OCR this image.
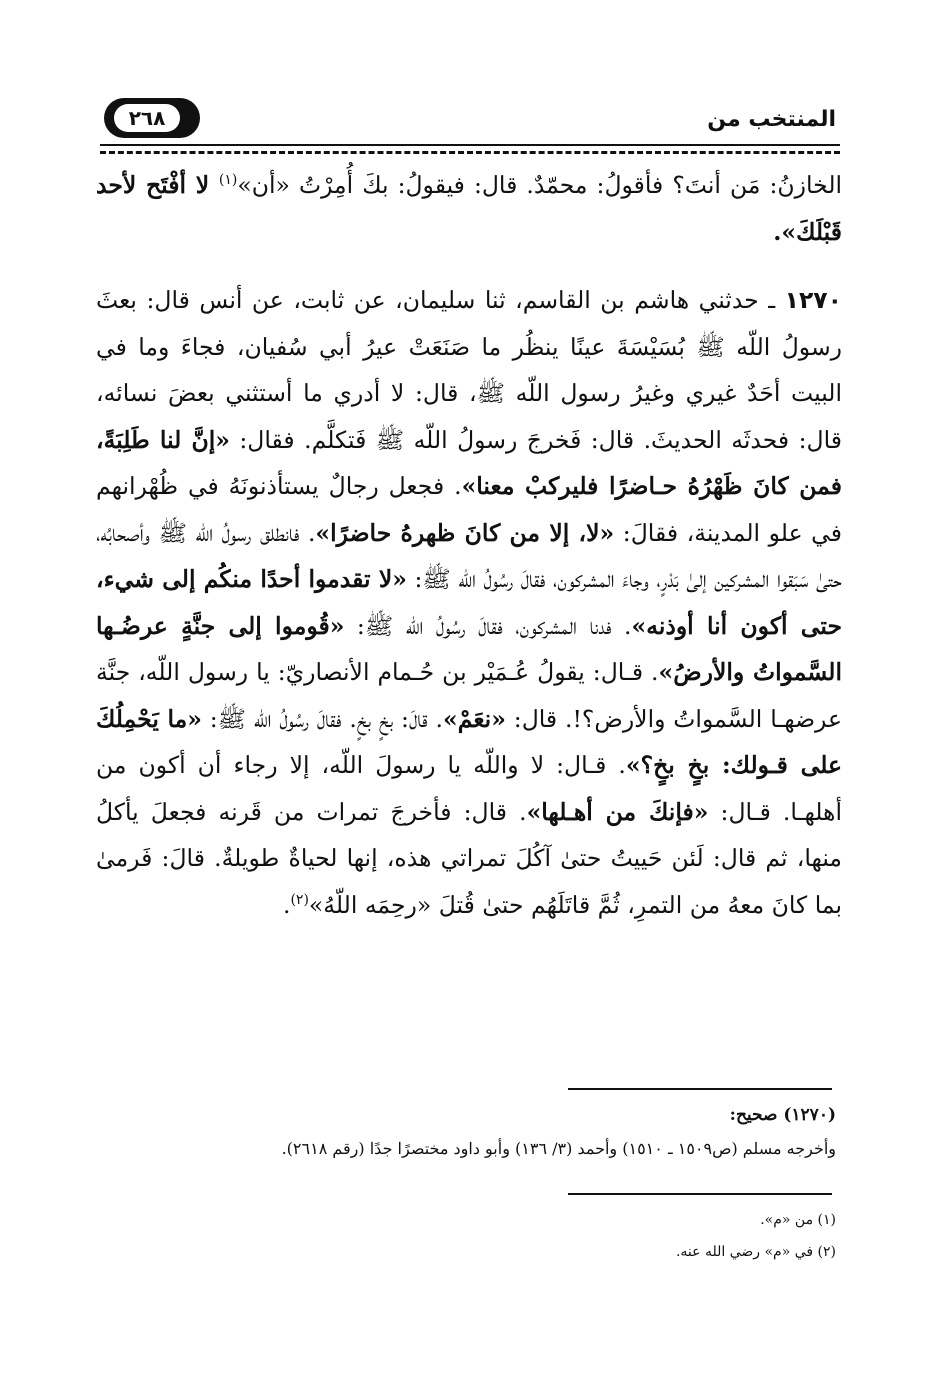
٢٦٨	المنتخب من

الخازنُ: مَن أنتَ؟ فأقولُ: محمّدٌ. قال: فيقولُ: بكَ أُمِرْتُ «أن»$^{(١)}$ لا أفْتَح لأحد قَبْلَكَ».

١٢٧٠ ـ حدثني هاشم بن القاسم، ثنا سليمان، عن ثابت، عن أنس قال: بعثَ رسولُ اللّه ﷺ بُسَيْسَةَ عينًا ينظُر ما صَنَعَتْ عيرُ أبي سُفيان، فجاءَ وما في البيت أحَدٌ غيري وغيرُ رسول اللّه ﷺ، قال: لا أدري ما أستثني بعضَ نسائه، قال: فحدثَه الحديثَ. قال: فَخرجَ رسولُ اللّه ﷺ فَتكلَّم. فقال: «إنَّ لنا طَلِبَةً، فمن كانَ ظَهْرُهُ حـاضرًا فليركبْ معنا». فجعل رجالٌ يستأذنونَهُ في ظُهْرانهم في علو المدينة، فقالَ: «لا، إلا من كانَ ظهرهُ حاضرًا». فانطلق رسولُ اللّه ﷺ وأصحابُه، حتىٰ سَبَقوا المشركين إلىٰ بَدْرٍ، وجاءَ المشركون، فقالَ رسُولُ اللّه ﷺ: «لا تقدموا أحدًا منكُم إلى شيء، حتى أكون أنا أوذنه». فدنا المشركون، فقالَ رسُولُ اللّه ﷺ: «قُوموا إلى جنَّةٍ عرضُـها السَّمواتُ والأرضُ». قـال: يقولُ عُـمَيْر بن حُـمام الأنصاريّ: يا رسول اللّه، جنَّة عرضهـا السَّمواتُ والأرض؟!. قال: «نعَمْ». قالَ: بخٍ بخٍ. فقالَ رسُولُ اللّه ﷺ: «ما يَحْمِلُكَ على قـولك: بخٍ بخٍ؟». قـال: لا واللّه يا رسولَ اللّه، إلا رجاء أن أكون من أهلهـا. قـال: «فإنكَ من أهـلها». قال: فأخرجَ تمرات من قَرنه فجعلَ يأكلُ منها، ثم قال: لَئن حَييتُ حتىٰ آكُلَ تمراتي هذه، إنها لحياةٌ طويلةٌ. قالَ: فَرمىٰ بما كانَ معهُ من التمرِ، ثُمَّ قاتَلَهُم حتىٰ قُتلَ «رحِمَه اللّهُ»$^{(٢)}$.

(١٢٧٠) صحيح:
وأخرجه مسلم (ص١٥٠٩ ـ ١٥١٠) وأحمد (٣/ ١٣٦) وأبو داود مختصرًا جدًا (رقم ٢٦١٨).
(١) من «م».
(٢) في «م» رضي الله عنه.
